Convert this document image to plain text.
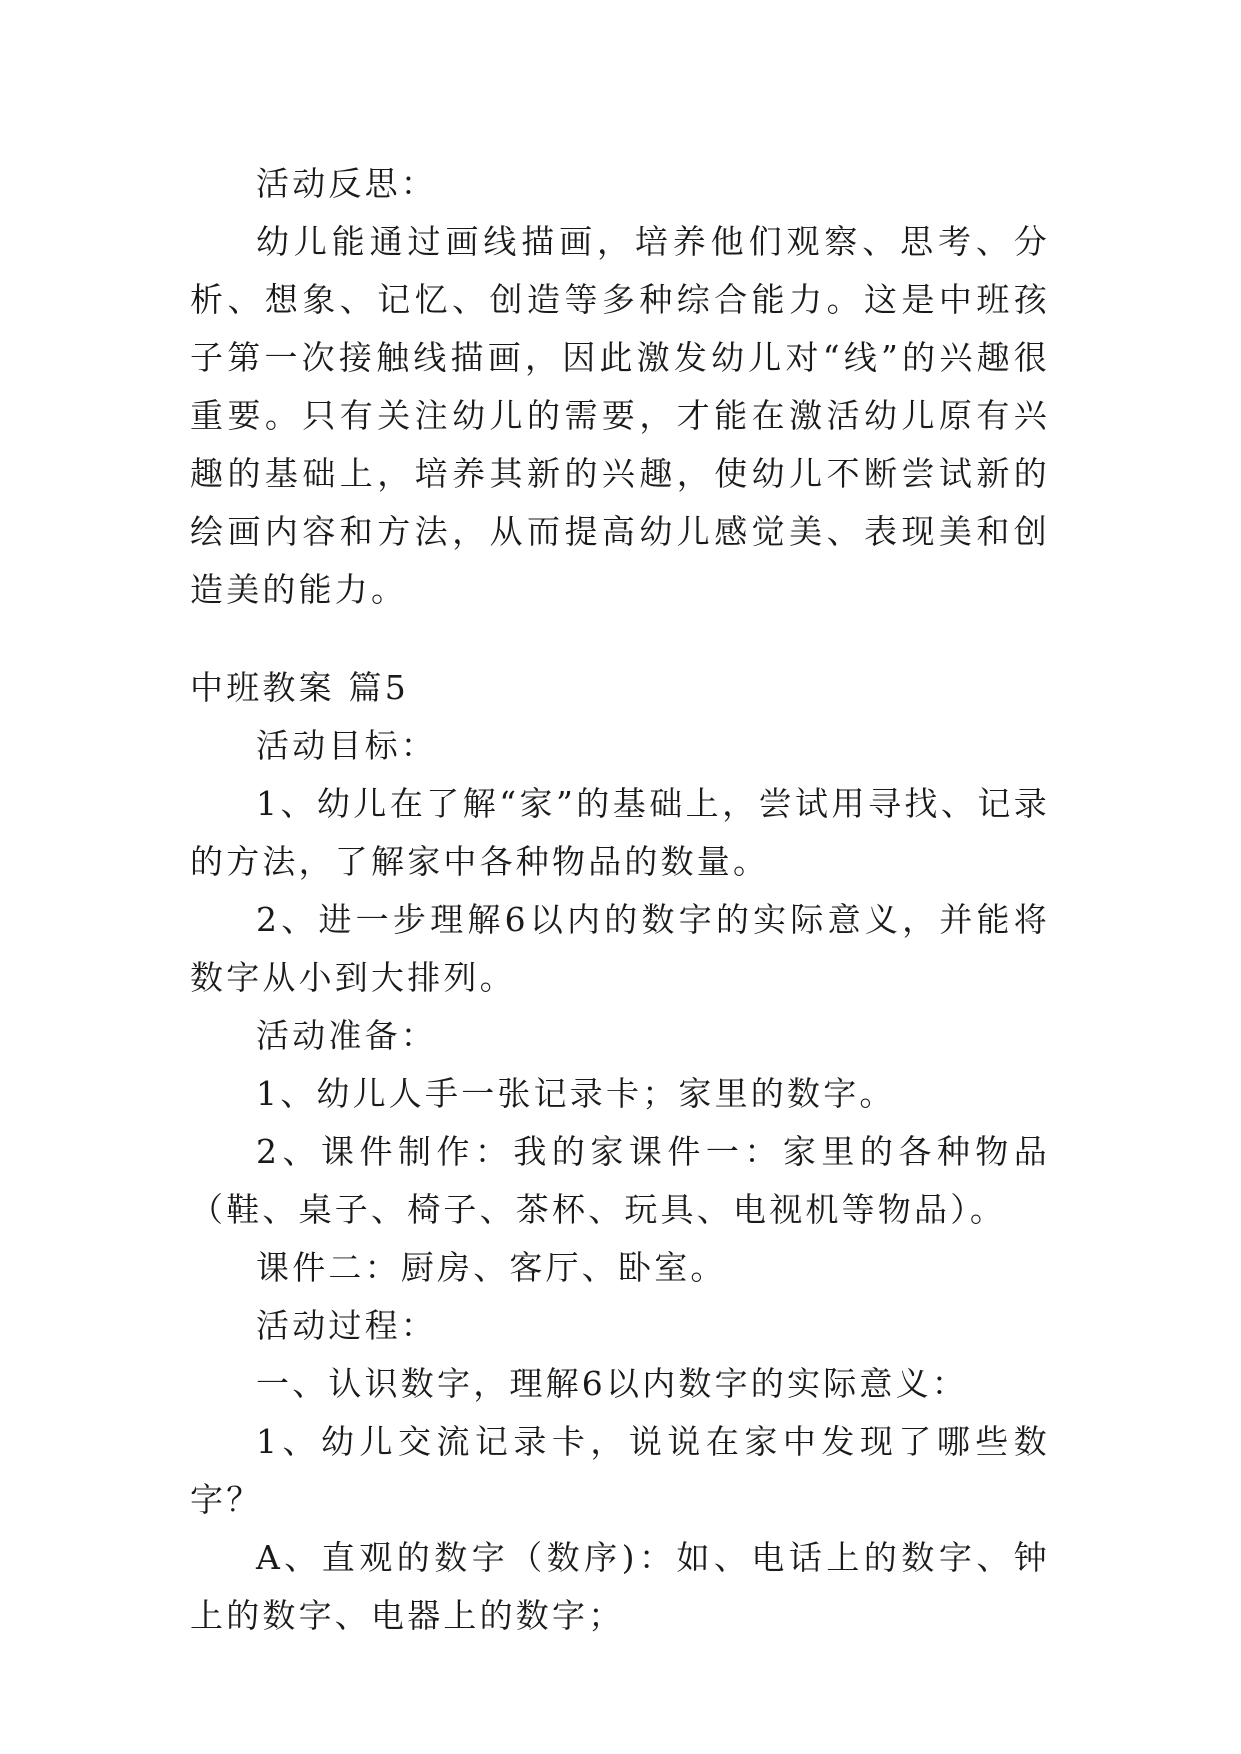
活动反思：

幼儿能通过画线描画，培养他们观察、思考、分析、想象、记忆、创造等多种综合能力。这是中班孩子第一次接触线描画，因此激发幼儿对“线”的兴趣很重要。只有关注幼儿的需要，才能在激活幼儿原有兴趣的基础上，培养其新的兴趣，使幼儿不断尝试新的绘画内容和方法，从而提高幼儿感觉美、表现美和创造美的能力。

中班教案 篇5

活动目标：

1、幼儿在了解“家”的基础上，尝试用寻找、记录的方法，了解家中各种物品的数量。

2、进一步理解6以内的数字的实际意义，并能将数字从小到大排列。

活动准备：

1、幼儿人手一张记录卡；家里的数字。

2、课件制作：我的家课件一：家里的各种物品（鞋、桌子、椅子、茶杯、玩具、电视机等物品）。

课件二：厨房、客厅、卧室。

活动过程：

一、认识数字，理解6以内数字的实际意义：

1、幼儿交流记录卡，说说在家中发现了哪些数字？

A、直观的数字（数序)：如、电话上的数字、钟上的数字、电器上的数字；
